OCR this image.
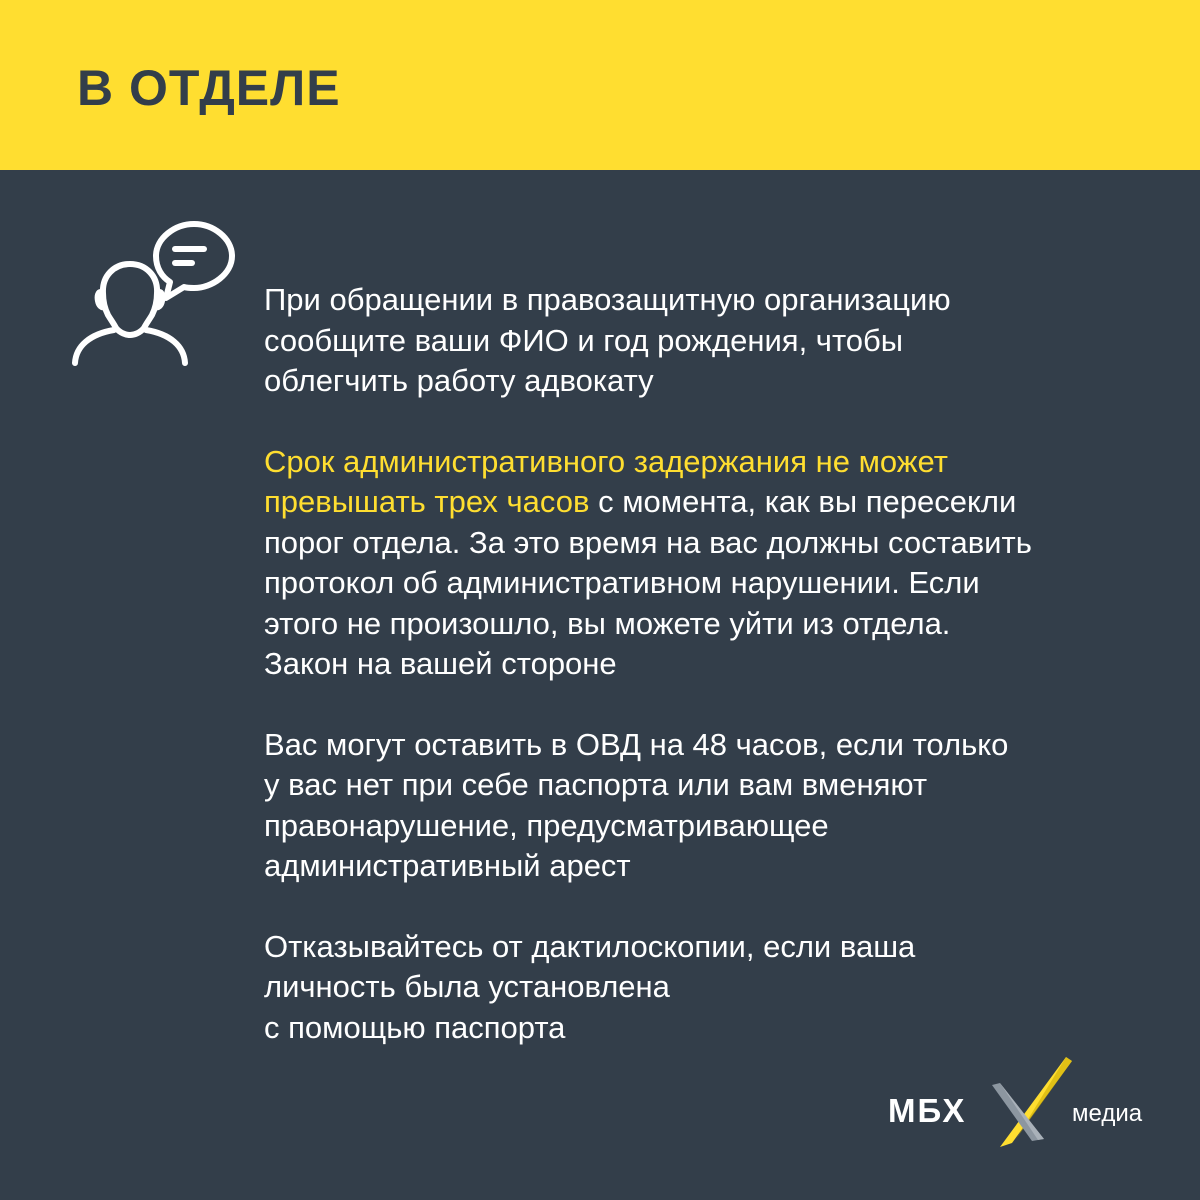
В ОТДЕЛЕ

При обращении в правозащитную организацию
сообщите ваши ФИО и год рождения, чтобы
облегчить работу адвокату

Срок административного задержания не может
превышать трех часов с момента, как вы пересекли
порог отдела. За это время на вас должны составить
протокол об административном нарушении. Если
этого не произошло, вы можете уйти из отдела.
Закон на вашей стороне

Вас могут оставить в ОВД на 48 часов, если только
у вас нет при себе паспорта или вам вменяют
правонарушение, предусматривающее
административный арест

Отказывайтесь от дактилоскопии, если ваша
личность была установлена
с помощью паспорта

МБХ	медиа
